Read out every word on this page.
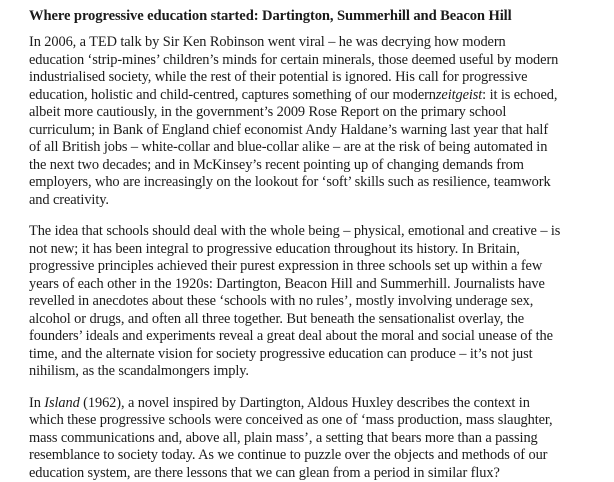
Where progressive education started: Dartington, Summerhill and Beacon Hill

In 2006, a TED talk by Sir Ken Robinson went viral – he was decrying how modern
education ‘strip-mines’ children’s minds for certain minerals, those deemed useful by modern
industrialised society, while the rest of their potential is ignored. His call for progressive
education, holistic and child-centred, captures something of our modernzeitgeist: it is echoed,
albeit more cautiously, in the government’s 2009 Rose Report on the primary school
curriculum; in Bank of England chief economist Andy Haldane’s warning last year that half
of all British jobs – white-collar and blue-collar alike – are at the risk of being automated in
the next two decades; and in McKinsey’s recent pointing up of changing demands from
employers, who are increasingly on the lookout for ‘soft’ skills such as resilience, teamwork
and creativity.

The idea that schools should deal with the whole being – physical, emotional and creative – is
not new; it has been integral to progressive education throughout its history. In Britain,
progressive principles achieved their purest expression in three schools set up within a few
years of each other in the 1920s: Dartington, Beacon Hill and Summerhill. Journalists have
revelled in anecdotes about these ‘schools with no rules’, mostly involving underage sex,
alcohol or drugs, and often all three together. But beneath the sensationalist overlay, the
founders’ ideals and experiments reveal a great deal about the moral and social unease of the
time, and the alternate vision for society progressive education can produce – it’s not just
nihilism, as the scandalmongers imply.

In Island (1962), a novel inspired by Dartington, Aldous Huxley describes the context in
which these progressive schools were conceived as one of ‘mass production, mass slaughter,
mass communications and, above all, plain mass’, a setting that bears more than a passing
resemblance to society today. As we continue to puzzle over the objects and methods of our
education system, are there lessons that we can glean from a period in similar flux?
